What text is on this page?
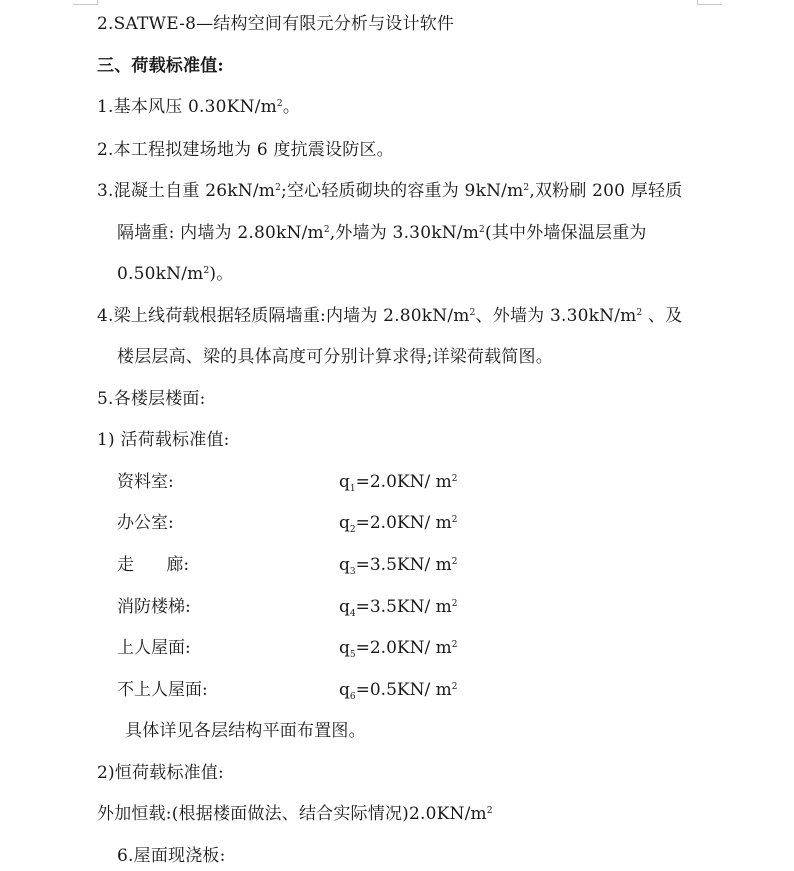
2.SATWE-8—结构空间有限元分析与设计软件
三、荷载标准值:
1.基本风压 $0.30KN/m^2$。
2.本工程拟建场地为 6 度抗震设防区。
3.混凝土自重 $26kN/m^2$;空心轻质砌块的容重为 $9kN/m^2$,双粉刷 200 厚轻质
隔墙重: 内墙为 $2.80kN/m^2$,外墙为 $3.30kN/m^2$(其中外墙保温层重为
$0.50kN/m^2$)。
4.梁上线荷载根据轻质隔墙重:内墙为 $2.80kN/m^2$、外墙为 $3.30kN/m^2$ 、及
楼层层高、梁的具体高度可分别计算求得;详梁荷载简图。
5.各楼层楼面:
1) 活荷载标准值:
资料室:	$q_1=2.0KN/$ $m^2$
办公室:	$q_2=2.0KN/$ $m^2$
走      廊:	$q_3=3.5KN/$ $m^2$
消防楼梯:	$q_4=3.5KN/$ $m^2$
上人屋面:	$q_5=2.0KN/$ $m^2$
不上人屋面:	$q_6=0.5KN/$ $m^2$
具体详见各层结构平面布置图。
2)恒荷载标准值:
外加恒载:(根据楼面做法、结合实际情况)$2.0KN/m^2$
6.屋面现浇板:
